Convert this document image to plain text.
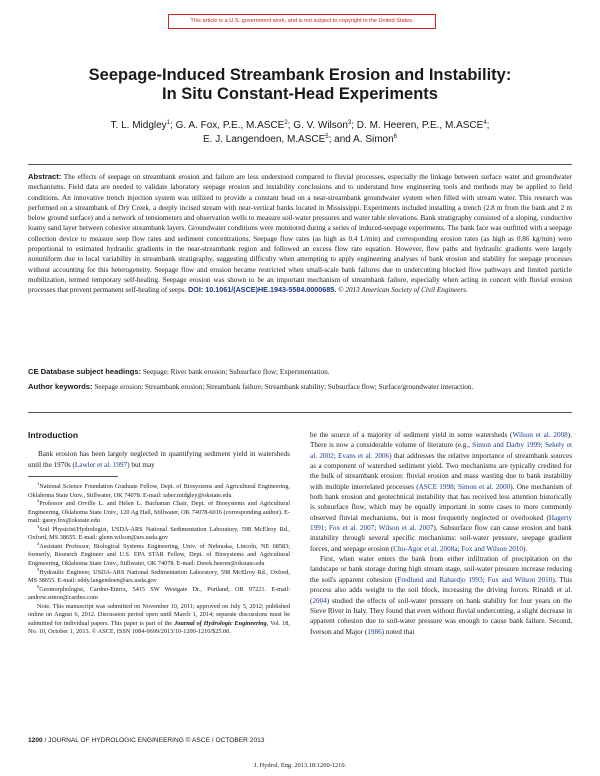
This article is a U.S. government work, and is not subject to copyright in the United States.
Seepage-Induced Streambank Erosion and Instability:
In Situ Constant-Head Experiments
T. L. Midgley$^1$; G. A. Fox, P.E., M.ASCE$^2$; G. V. Wilson$^3$; D. M. Heeren, P.E., M.ASCE$^4$;
E. J. Langendoen, M.ASCE$^5$; and A. Simon$^6$
Abstract: The effects of seepage on streambank erosion and failure are less understood compared to fluvial processes, especially the linkage between surface water and groundwater mechanisms. Field data are needed to validate laboratory seepage erosion and instability conclusions and to understand how engineering tools and methods may be applied to field conditions. An innovative trench injection system was utilized to provide a constant head on a near-streambank groundwater system when filled with stream water. This research was performed on a streambank of Dry Creek, a deeply incised stream with near-vertical banks located in Mississippi. Experiments included installing a trench (2.8 m from the bank and 2 m below ground surface) and a network of tensiometers and observation wells to measure soil-water pressures and water table elevations. Bank stratigraphy consisted of a sloping, conductive loamy sand layer between cohesive streambank layers. Groundwater conditions were monitored during a series of induced-seepage experiments. The bank face was outfitted with a seepage collection device to measure seep flow rates and sediment concentrations. Seepage flow rates (as high as 0.4 L/min) and corresponding erosion rates (as high as 0.86 kg/min) were proportional to estimated hydraulic gradients in the near-streambank region and followed an excess flow rate equation. However, flow paths and hydraulic gradients were largely nonuniform due to local variability in streambank stratigraphy, suggesting difficulty when attempting to apply engineering analyses of bank erosion and stability for seepage processes without accounting for this heterogeneity. Seepage flow and erosion became restricted when small-scale bank failures due to undercutting blocked flow pathways and limited particle mobilization, termed temporary self-healing. Seepage erosion was shown to be an important mechanism of streambank failure, especially when acting in concert with fluvial erosion processes that prevent permanent self-healing of seeps. DOI: 10.1061/(ASCE)HE.1943-5584.0000685. © 2013 American Society of Civil Engineers.
CE Database subject headings: Seepage; River bank erosion; Subsurface flow; Experimentation.
Author keywords: Seepage erosion; Streambank erosion; Streambank failure; Streambank stability; Subsurface flow; Surface/groundwater interaction.
Introduction

Bank erosion has been largely neglected in quantifying sediment yield in watersheds until the 1970s (Lawler et al. 1997) but may

$^1$National Science Foundation Graduate Fellow, Dept. of Biosystems and Agricultural Engineering, Oklahoma State Univ., Stillwater, OK 74078. E-mail: taber.midgley@okstate.edu

$^2$Professor and Orville L. and Helen L. Buchanan Chair, Dept. of Biosystems and Agricultural Engineering, Oklahoma State Univ., 120 Ag Hall, Stillwater, OK 74078-6016 (corresponding author). E-mail: garey.fox@okstate.edu

$^3$Soil Physicist/Hydrologist, USDA-ARS National Sedimentation Laboratory, 598 McElroy Rd., Oxford, MS 38655. E-mail: glenn.wilson@ars.usda.gov

$^4$Assistant Professor, Biological Systems Engineering, Univ. of Nebraska, Lincoln, NE 68583; formerly, Research Engineer and U.S. EPA STAR Fellow, Dept. of Biosystems and Agricultural Engineering, Oklahoma State Univ., Stillwater, OK 74078. E-mail: Derek.heeren@okstate.edu

$^5$Hydraulic Engineer, USDA-ARS National Sedimentation Laboratory, 598 McElroy Rd., Oxford, MS 38655. E-mail: eddy.langendoen@ars.usda.gov

$^6$Geomorphologist, Cardno-Entrix, 5415 SW Westgate Dr., Portland, OR 97221. E-mail: andrew.simon@cardno.com

Note. This manuscript was submitted on November 10, 2011; approved on July 5, 2012; published online on August 6, 2012. Discussion period open until March 1, 2014; separate discussions must be submitted for individual papers. This paper is part of the Journal of Hydrologic Engineering, Vol. 18, No. 10, October 1, 2013. © ASCE, ISSN 1084-0699/2013/10-1200-1210/$25.00.

be the source of a majority of sediment yield in some watersheds (Wilson et al. 2008). There is now a considerable volume of literature (e.g., Simon and Darby 1999; Sekely et al. 2002; Evans et al. 2006) that addresses the relative importance of streambank sources as a component of watershed sediment yield. Two mechanisms are typically credited for the bulk of streambank erosion: fluvial erosion and mass wasting due to bank instability with multiple interrelated processes (ASCE 1998; Simon et al. 2000). One mechanism of both bank erosion and geotechnical instability that has received less attention historically is subsurface flow, which may be equally important in some cases to more commonly observed fluvial mechanisms, but is most frequently neglected or overlooked (Hagerty 1991; Fox et al. 2007; Wilson et al. 2007). Subsurface flow can cause erosion and bank instability through several specific mechanisms: soil-water pressure, seepage gradient forces, and seepage erosion (Chu-Agor et al. 2008a; Fox and Wilson 2010).

First, when water enters the bank from either infiltration of precipitation on the landscape or bank storage during high stream stage, soil-water pressure increase reducing the soil's apparent cohesion (Fredlund and Rahardjo 1993; Fox and Wilson 2010). This process also adds weight to the soil block, increasing the driving forces. Rinaldi et al. (2004) studied the effects of soil-water pressure on bank stability for four years on the Sieve River in Italy. They found that even without fluvial undercutting, a slight decrease in apparent cohesion due to soil-water pressure was enough to cause bank failure. Second, Iverson and Major (1986) noted that

1200 / JOURNAL OF HYDROLOGIC ENGINEERING © ASCE / OCTOBER 2013
J. Hydrol. Eng. 2013.18:1200-1210.
